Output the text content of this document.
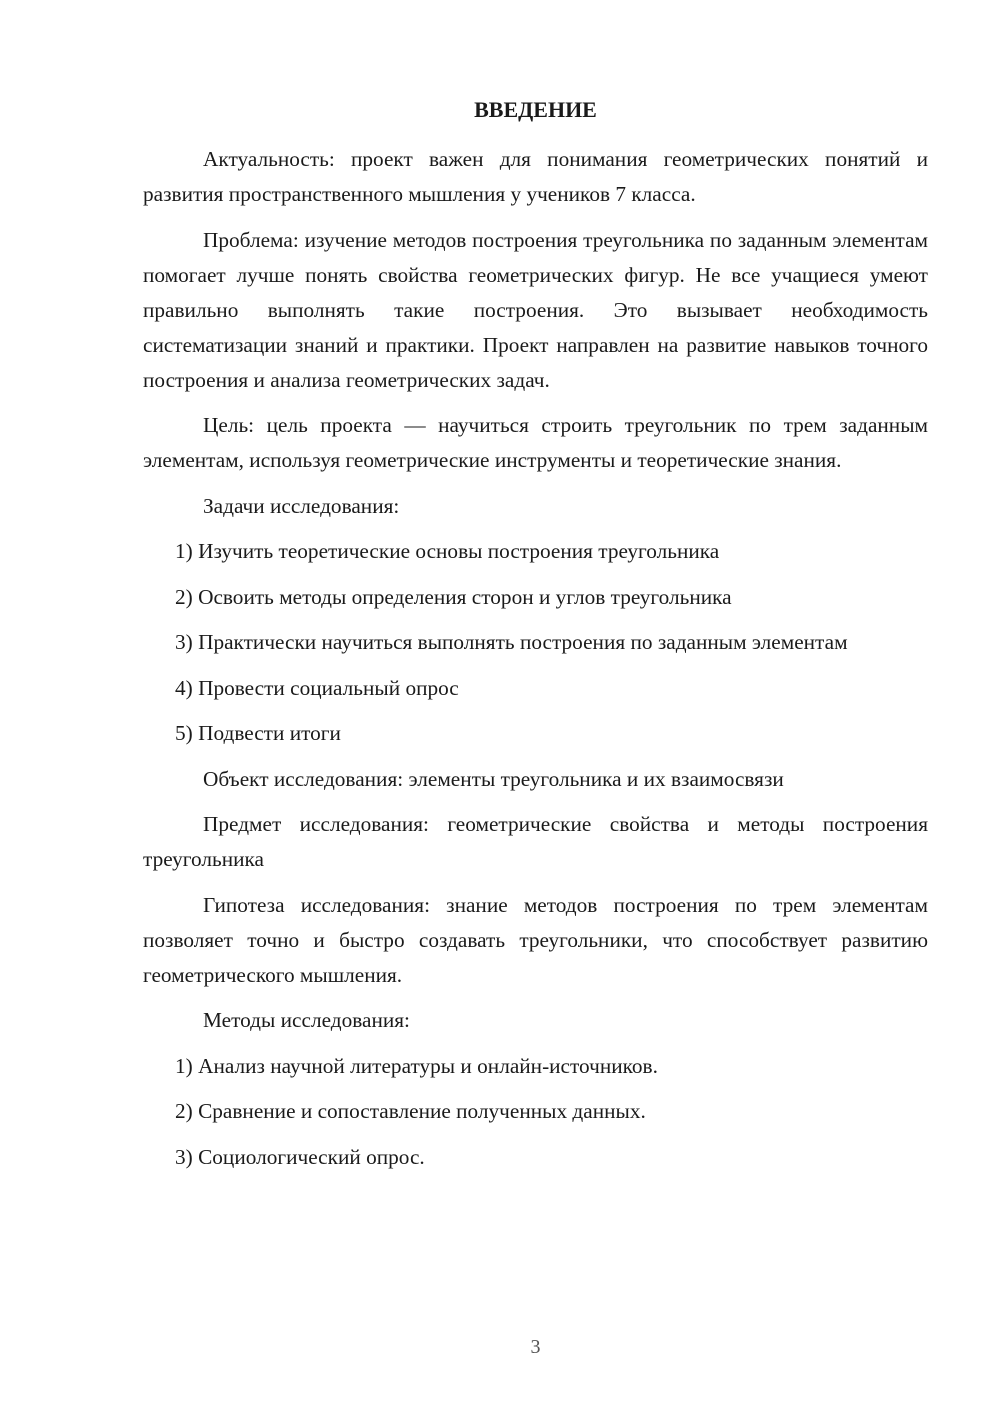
ВВЕДЕНИЕ

Актуальность: проект важен для понимания геометрических понятий и развития пространственного мышления у учеников 7 класса.

Проблема: изучение методов построения треугольника по заданным элементам помогает лучше понять свойства геометрических фигур. Не все учащиеся умеют правильно выполнять такие построения. Это вызывает необходимость систематизации знаний и практики. Проект направлен на развитие навыков точного построения и анализа геометрических задач.

Цель: цель проекта — научиться строить треугольник по трем заданным элементам, используя геометрические инструменты и теоретические знания.

Задачи исследования:

1) Изучить теоретические основы построения треугольника

2) Освоить методы определения сторон и углов треугольника

3) Практически научиться выполнять построения по заданным элементам

4) Провести социальный опрос

5) Подвести итоги

Объект исследования: элементы треугольника и их взаимосвязи

Предмет исследования: геометрические свойства и методы построения треугольника

Гипотеза исследования: знание методов построения по трем элементам позволяет точно и быстро создавать треугольники, что способствует развитию геометрического мышления.

Методы исследования:

1) Анализ научной литературы и онлайн-источников.

2) Сравнение и сопоставление полученных данных.

3) Социологический опрос.

3
